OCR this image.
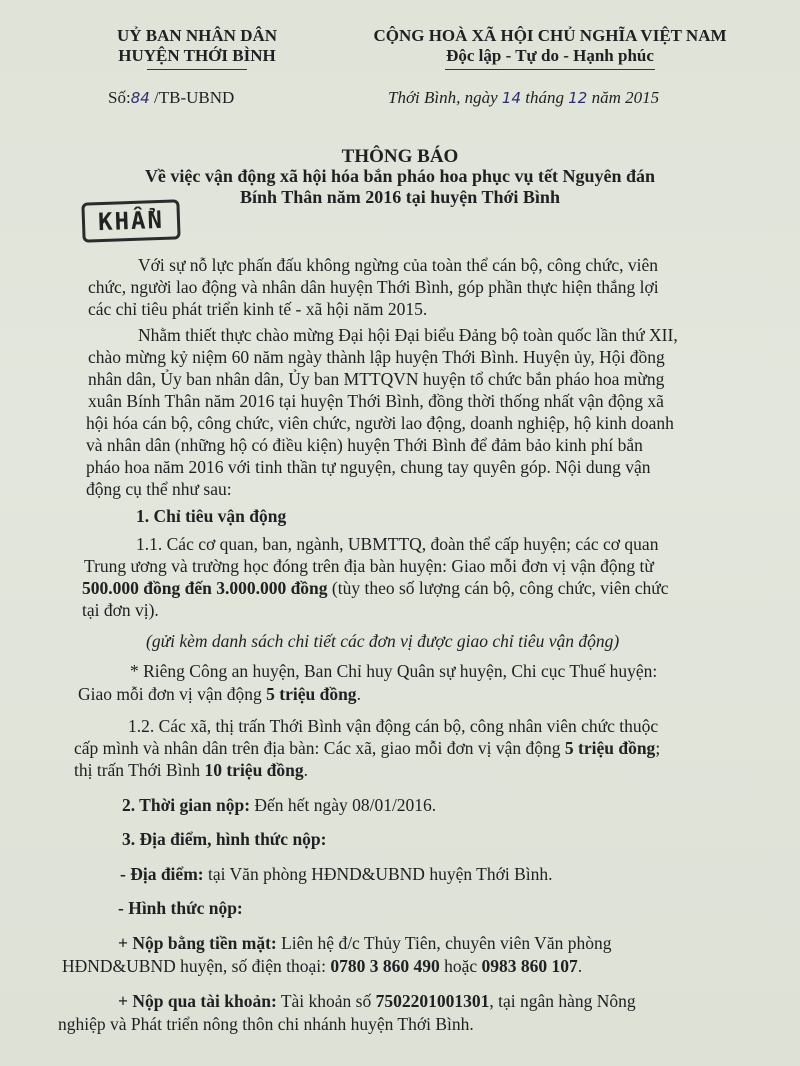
UỶ BAN NHÂN DÂN
HUYỆN THỚI BÌNH
CỘNG HOÀ XÃ HỘI CHỦ NGHĨA VIỆT NAM
Độc lập - Tự do - Hạnh phúc
Số:84 /TB-UBND	Thới Bình, ngày 14 tháng 12 năm 2015
THÔNG BÁO
Về việc vận động xã hội hóa bắn pháo hoa phục vụ tết Nguyên đán
Bính Thân năm 2016 tại huyện Thới Bình
KHẨN
Với sự nỗ lực phấn đấu không ngừng của toàn thể cán bộ, công chức, viên
chức, người lao động và nhân dân huyện Thới Bình, góp phần thực hiện thắng lợi
các chỉ tiêu phát triển kinh tế - xã hội năm 2015.
Nhằm thiết thực chào mừng Đại hội Đại biểu Đảng bộ toàn quốc lần thứ XII,
chào mừng kỷ niệm 60 năm ngày thành lập huyện Thới Bình. Huyện ủy, Hội đồng
nhân dân, Ủy ban nhân dân, Ủy ban MTTQVN huyện tổ chức bắn pháo hoa mừng
xuân Bính Thân năm 2016 tại huyện Thới Bình, đồng thời thống nhất vận động xã
hội hóa cán bộ, công chức, viên chức, người lao động, doanh nghiệp, hộ kinh doanh
và nhân dân (những hộ có điều kiện) huyện Thới Bình để đảm bảo kinh phí bắn
pháo hoa năm 2016 với tinh thần tự nguyện, chung tay quyên góp. Nội dung vận
động cụ thể như sau:
1. Chỉ tiêu vận động
1.1. Các cơ quan, ban, ngành, UBMTTQ, đoàn thể cấp huyện; các cơ quan
Trung ương và trường học đóng trên địa bàn huyện: Giao mỗi đơn vị vận động từ
500.000 đồng đến 3.000.000 đồng (tùy theo số lượng cán bộ, công chức, viên chức
tại đơn vị).
(gửi kèm danh sách chi tiết các đơn vị được giao chỉ tiêu vận động)
* Riêng Công an huyện, Ban Chỉ huy Quân sự huyện, Chi cục Thuế huyện:
Giao mỗi đơn vị vận động 5 triệu đồng.
1.2. Các xã, thị trấn Thới Bình vận động cán bộ, công nhân viên chức thuộc
cấp mình và nhân dân trên địa bàn: Các xã, giao mỗi đơn vị vận động 5 triệu đồng;
thị trấn Thới Bình 10 triệu đồng.
2. Thời gian nộp: Đến hết ngày 08/01/2016.
3. Địa điểm, hình thức nộp:
- Địa điểm: tại Văn phòng HĐND&UBND huyện Thới Bình.
- Hình thức nộp:
+ Nộp bằng tiền mặt: Liên hệ đ/c Thủy Tiên, chuyên viên Văn phòng
HĐND&UBND huyện, số điện thoại: 0780 3 860 490 hoặc 0983 860 107.
+ Nộp qua tài khoản: Tài khoản số 7502201001301, tại ngân hàng Nông
nghiệp và Phát triển nông thôn chi nhánh huyện Thới Bình.
